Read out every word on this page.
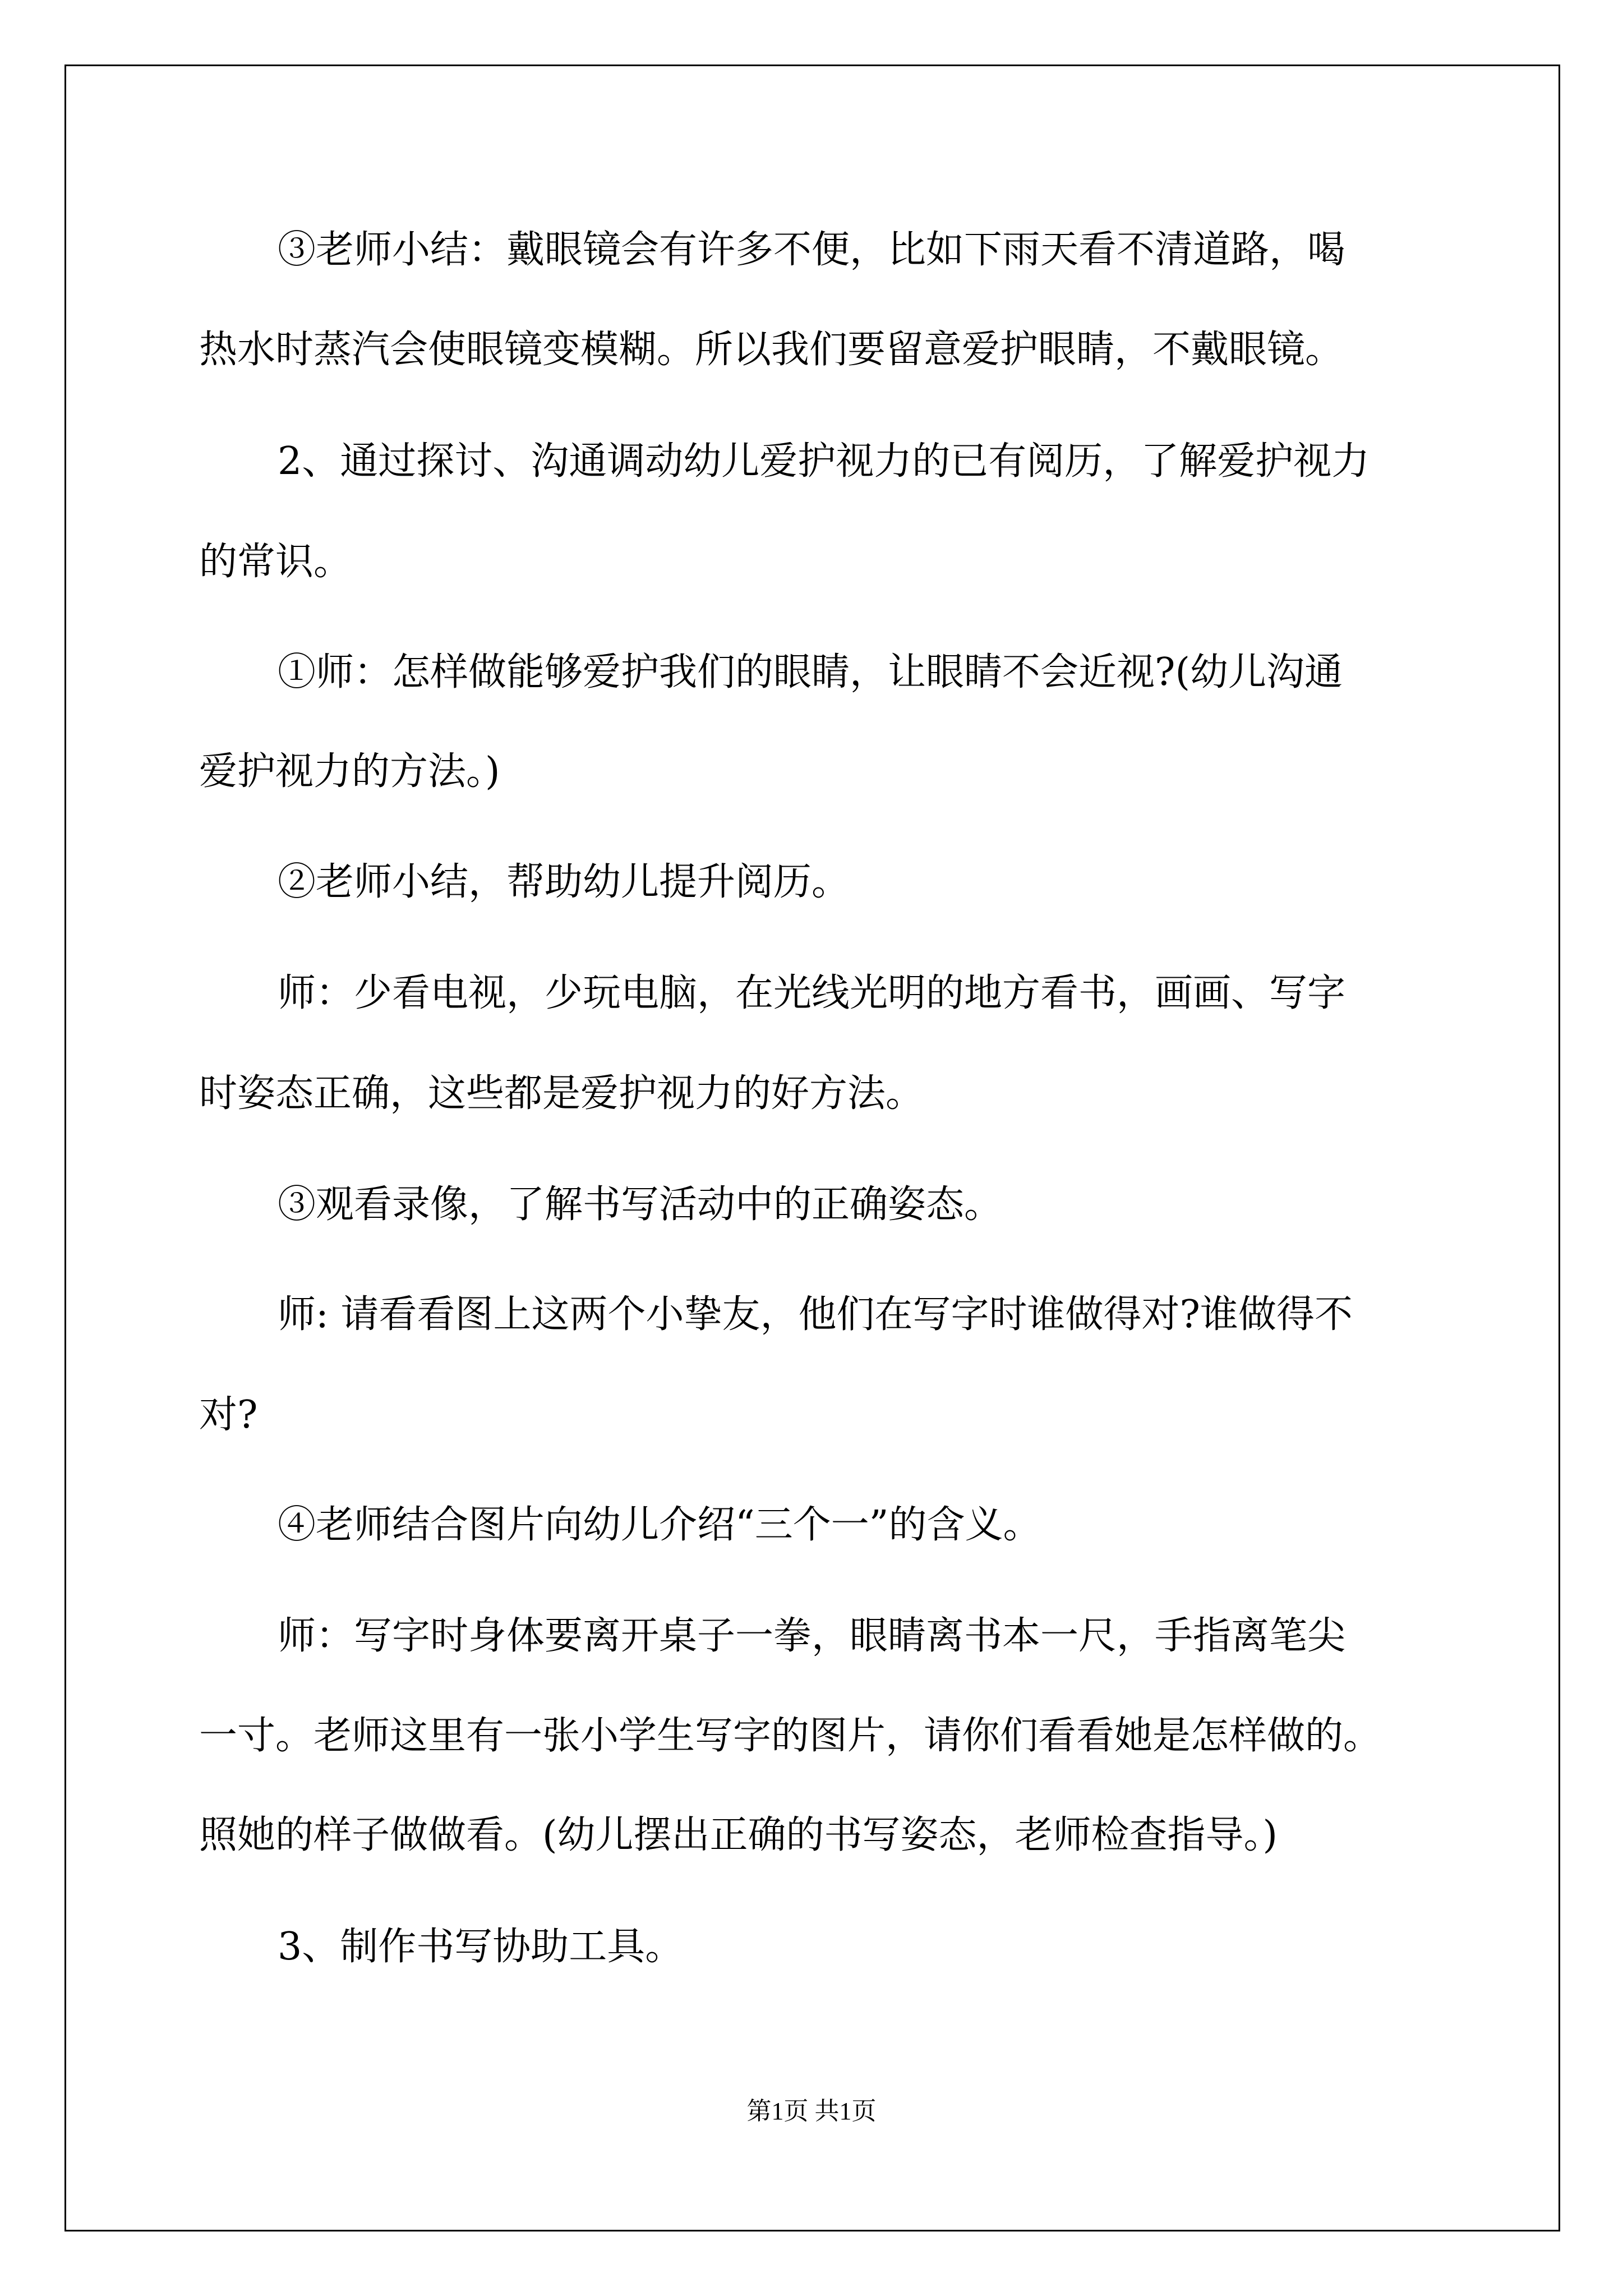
③老师小结：戴眼镜会有许多不便，比如下雨天看不清道路，喝
热水时蒸汽会使眼镜变模糊。所以我们要留意爱护眼睛，不戴眼镜。
2、通过探讨、沟通调动幼儿爱护视力的已有阅历，了解爱护视力
的常识。
①师：怎样做能够爱护我们的眼睛，让眼睛不会近视?(幼儿沟通
爱护视力的方法。)
②老师小结，帮助幼儿提升阅历。
师：少看电视，少玩电脑，在光线光明的地方看书，画画、写字
时姿态正确，这些都是爱护视力的好方法。
③观看录像，了解书写活动中的正确姿态。
师: 请看看图上这两个小挚友，他们在写字时谁做得对?谁做得不
对?
④老师结合图片向幼儿介绍“三个一”的含义。
师：写字时身体要离开桌子一拳，眼睛离书本一尺，手指离笔尖
一寸。老师这里有一张小学生写字的图片，请你们看看她是怎样做的。
照她的样子做做看。(幼儿摆出正确的书写姿态，老师检查指导。)
3、制作书写协助工具。
第1页 共1页
